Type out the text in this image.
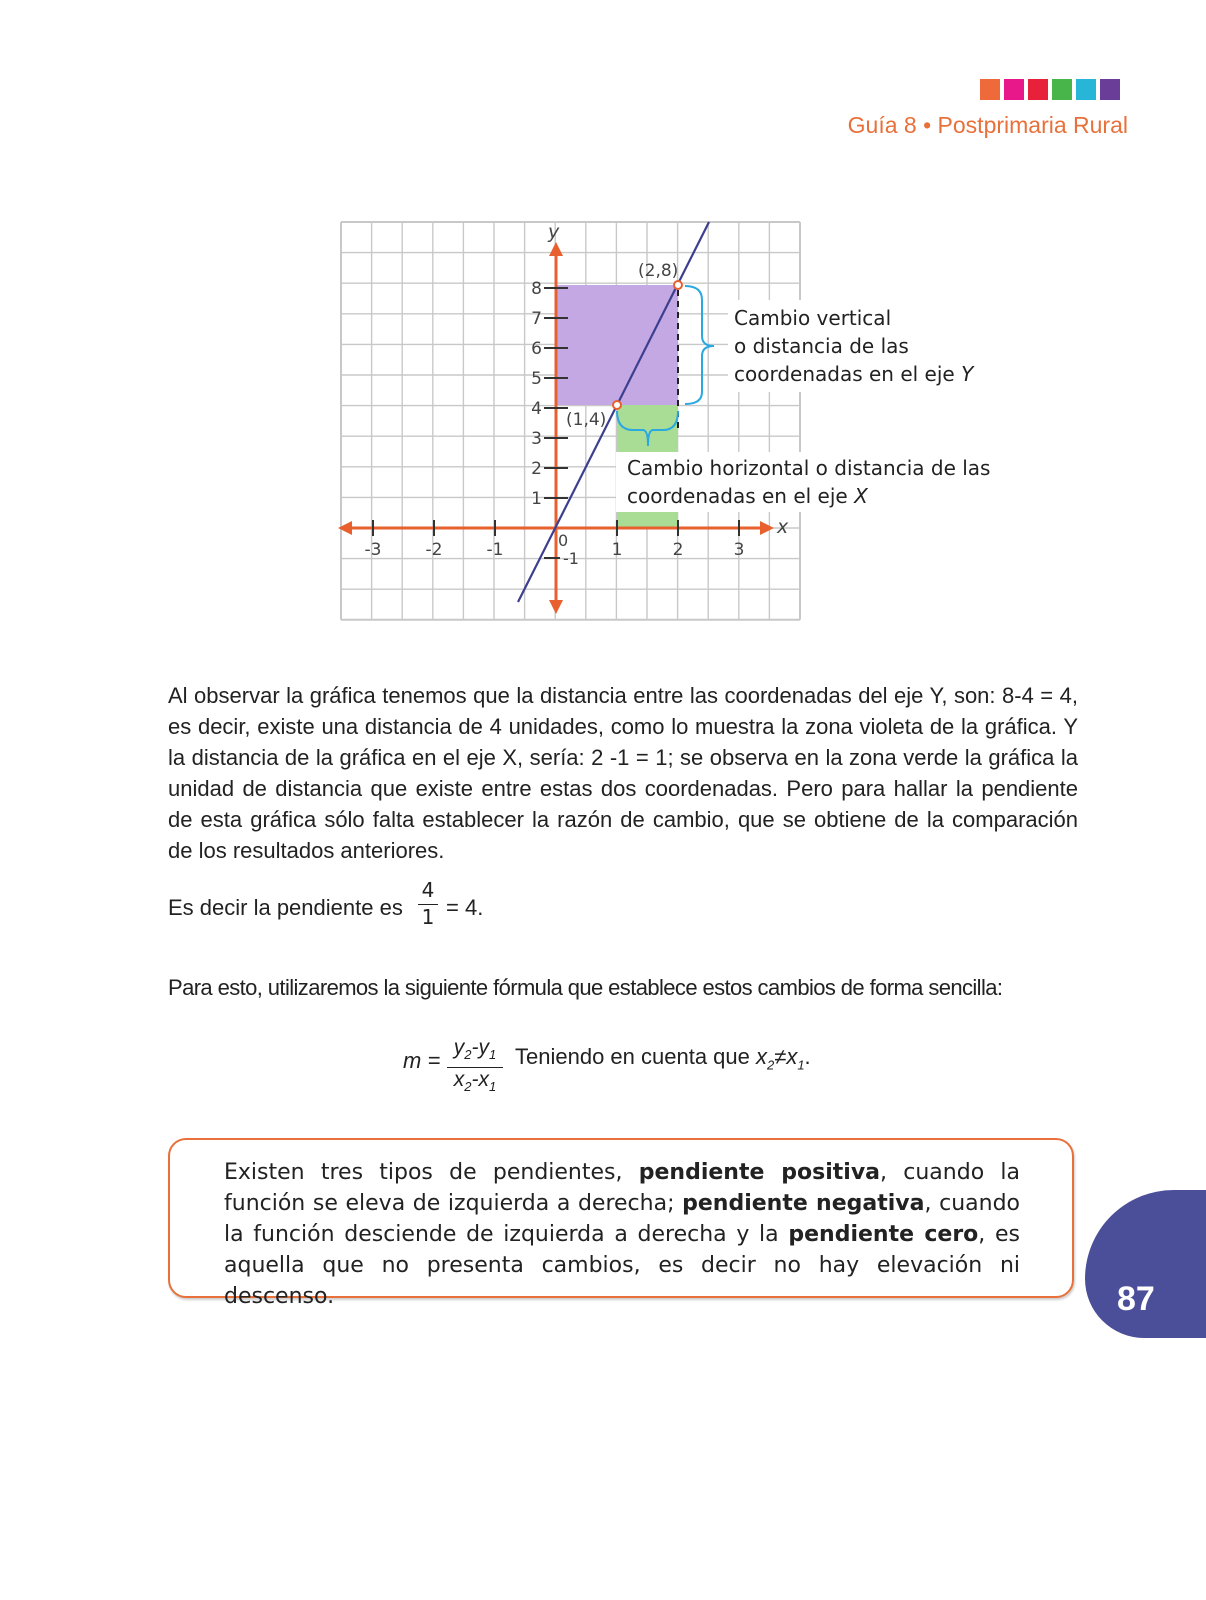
Guía 8 • Postprimaria Rural
-3	-2	-1	1	2	3
8
7
6
5
4
3
2
1
y
x
0
-1
(1,4)
(2,8)
Cambio vertical
o distancia de las
coordenadas en el eje Y
Cambio horizontal o distancia de las
coordenadas en el eje X
Al observar la gráfica tenemos que la distancia entre las coordenadas del eje Y, son: 8-4 = 4, es decir, existe una distancia de 4 unidades, como lo muestra la zona violeta de la gráfica. Y la distancia de la gráfica en el eje X, sería: 2 -1 = 1; se observa en la zona verde la gráfica la unidad de distancia que existe entre estas dos coordenadas. Pero para hallar la pendiente de esta gráfica sólo falta establecer la razón de cambio, que se obtiene de la comparación de los resultados anteriores.
Es decir la pendiente es
4
1 = 4.
Para esto, utilizaremos la siguiente fórmula que establece estos cambios de forma sencilla:
m =
$y_2-y_1$
$x_2-x_1$
Teniendo en cuenta que $x_2\ne x_1$.
Existen tres tipos de pendientes, pendiente positiva, cuando la función se eleva de izquierda a derecha; pendiente negativa, cuando la función desciende de izquierda a derecha y la pendiente cero, es aquella que no presenta cambios, es decir no hay elevación ni descenso.	87
